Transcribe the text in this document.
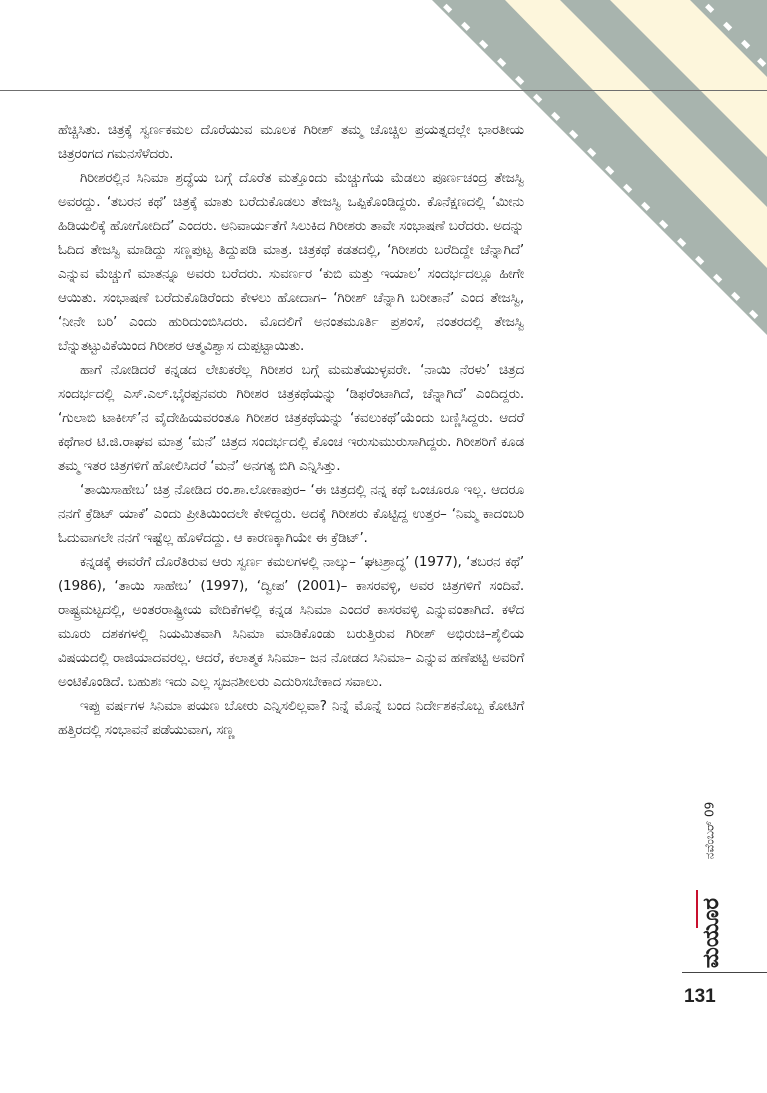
ಹೆಚ್ಚಿಸಿತು. ಚಿತ್ರಕ್ಕೆ ಸ್ವರ್ಣಕಮಲ ದೊರೆಯುವ ಮೂಲಕ ಗಿರೀಶ್ ತಮ್ಮ ಚೊಚ್ಚಿಲ ಪ್ರಯತ್ನದಲ್ಲೇ ಭಾರತೀಯ ಚಿತ್ರರಂಗದ ಗಮನಸೆಳೆದರು.

ಗಿರೀಶರಲ್ಲಿನ ಸಿನಿಮಾ ಶ್ರದ್ಧೆಯ ಬಗ್ಗೆ ದೊರೆತ ಮತ್ತೊಂದು ಮೆಚ್ಚುಗೆಯ ಮೆಡಲು ಪೂರ್ಣಚಂದ್ರ ತೇಜಸ್ವಿ ಅವರದ್ದು. ‘ತಬರನ ಕಥೆ’ ಚಿತ್ರಕ್ಕೆ ಮಾತು ಬರೆದುಕೊಡಲು ತೇಜಸ್ವಿ ಒಪ್ಪಿಕೊಂಡಿದ್ದರು. ಕೊನೆಕ್ಷಣದಲ್ಲಿ ‘ಮೀನು ಹಿಡಿಯಲಿಕ್ಕೆ ಹೋಗೋದಿದೆ’ ಎಂದರು. ಅನಿವಾರ್ಯತೆಗೆ ಸಿಲುಕಿದ ಗಿರೀಶರು ತಾವೇ ಸಂಭಾಷಣೆ ಬರೆದರು. ಅದನ್ನು ಓದಿದ ತೇಜಸ್ವಿ ಮಾಡಿದ್ದು ಸಣ್ಣಪುಟ್ಟ ತಿದ್ದುಪಡಿ ಮಾತ್ರ. ಚಿತ್ರಕಥೆ ಕಡತದಲ್ಲಿ, ‘ಗಿರೀಶರು ಬರೆದಿದ್ದೇ ಚೆನ್ನಾಗಿದೆ’ ಎನ್ನುವ ಮೆಚ್ಚುಗೆ ಮಾತನ್ನೂ ಅವರು ಬರೆದರು. ಸುವರ್ಣರ ‘ಕುಬಿ ಮತ್ತು ಇಯಾಲ’ ಸಂದರ್ಭದಲ್ಲೂ ಹೀಗೇ ಆಯಿತು. ಸಂಭಾಷಣೆ ಬರೆದುಕೊಡಿರೆಂದು ಕೇಳಲು ಹೋದಾಗ– ‘ಗಿರೀಶ್ ಚೆನ್ನಾಗಿ ಬರೀತಾನೆ’ ಎಂದ ತೇಜಸ್ವಿ, ‘ನೀನೇ ಬರಿ’ ಎಂದು ಹುರಿದುಂಬಿಸಿದರು. ಮೊದಲಿಗೆ ಅನಂತಮೂರ್ತಿ ಪ್ರಶಂಸೆ, ನಂತರದಲ್ಲಿ ತೇಜಸ್ವಿ ಬೆನ್ನುತಟ್ಟುವಿಕೆಯಿಂದ ಗಿರೀಶರ ಆತ್ಮವಿಶ್ವಾಸ ದುಪ್ಪಟ್ಟಾಯಿತು.

ಹಾಗೆ ನೋಡಿದರೆ ಕನ್ನಡದ ಲೇಖಕರೆಲ್ಲ ಗಿರೀಶರ ಬಗ್ಗೆ ಮಮತೆಯುಳ್ಳವರೇ. ‘ನಾಯಿ ನೆರಳು’ ಚಿತ್ರದ ಸಂದರ್ಭದಲ್ಲಿ ಎಸ್.ಎಲ್.ಭೈರಪ್ಪನವರು ಗಿರೀಶರ ಚಿತ್ರಕಥೆಯನ್ನು ‘ಡಿಫರೆಂಟಾಗಿದೆ, ಚೆನ್ನಾಗಿದೆ’ ಎಂದಿದ್ದರು. ‘ಗುಲಾಬಿ ಟಾಕೀಸ್’ನ ವೈದೇಹಿಯವರಂತೂ ಗಿರೀಶರ ಚಿತ್ರಕಥೆಯನ್ನು ‘ಕವಲುಕಥೆ’ಯೆಂದು ಬಣ್ಣಿಸಿದ್ದರು. ಆದರೆ ಕಥೆಗಾರ ಟಿ.ಜಿ.ರಾಘವ ಮಾತ್ರ ‘ಮನೆ’ ಚಿತ್ರದ ಸಂದರ್ಭದಲ್ಲಿ ಕೊಂಚ ಇರುಸುಮುರುಸಾಗಿದ್ದರು. ಗಿರೀಶರಿಗೆ ಕೂಡ ತಮ್ಮ ಇತರ ಚಿತ್ರಗಳಿಗೆ ಹೋಲಿಸಿದರೆ ‘ಮನೆ’ ಅನಗತ್ಯ ಬಿಗಿ ಎನ್ನಿಸಿತ್ತು.

‘ತಾಯಿಸಾಹೇಬ’ ಚಿತ್ರ ನೋಡಿದ ರಂ.ಶಾ.ಲೋಕಾಪುರ– ‘ಈ ಚಿತ್ರದಲ್ಲಿ ನನ್ನ ಕಥೆ ಒಂಚೂರೂ ಇಲ್ಲ. ಆದರೂ ನನಗೆ ಕ್ರೆಡಿಟ್ ಯಾಕೆ’ ಎಂದು ಪ್ರೀತಿಯಿಂದಲೇ ಕೇಳಿದ್ದರು. ಅದಕ್ಕೆ ಗಿರೀಶರು ಕೊಟ್ಟಿದ್ದ ಉತ್ತರ– ‘ನಿಮ್ಮ ಕಾದಂಬರಿ ಓದುವಾಗಲೇ ನನಗೆ ಇಷ್ಟೆಲ್ಲ ಹೊಳೆದದ್ದು. ಆ ಕಾರಣಕ್ಕಾಗಿಯೇ ಈ ಕ್ರೆಡಿಟ್’.

ಕನ್ನಡಕ್ಕೆ ಈವರೆಗೆ ದೊರೆತಿರುವ ಆರು ಸ್ವರ್ಣ ಕಮಲಗಳಲ್ಲಿ ನಾಲ್ಕು– ‘ಘಟಶ್ರಾದ್ಧ’ (1977), ‘ತಬರನ ಕಥೆ’ (1986), ‘ತಾಯಿ ಸಾಹೇಬ’ (1997), ‘ದ್ವೀಪ’ (2001)– ಕಾಸರವಳ್ಳಿ, ಅವರ ಚಿತ್ರಗಳಿಗೆ ಸಂದಿವೆ. ರಾಷ್ಟ್ರಮಟ್ಟದಲ್ಲಿ, ಅಂತರರಾಷ್ಟ್ರೀಯ ವೇದಿಕೆಗಳಲ್ಲಿ ಕನ್ನಡ ಸಿನಿಮಾ ಎಂದರೆ ಕಾಸರವಳ್ಳಿ ಎನ್ನುವಂತಾಗಿದೆ. ಕಳೆದ ಮೂರು ದಶಕಗಳಲ್ಲಿ ನಿಯಮಿತವಾಗಿ ಸಿನಿಮಾ ಮಾಡಿಕೊಂಡು ಬರುತ್ತಿರುವ ಗಿರೀಶ್ ಅಭಿರುಚಿ–ಶೈಲಿಯ ವಿಷಯದಲ್ಲಿ ರಾಜಿಯಾದವರಲ್ಲ. ಆದರೆ, ಕಲಾತ್ಮಕ ಸಿನಿಮಾ– ಜನ ನೋಡದ ಸಿನಿಮಾ– ಎನ್ನುವ ಹಣೆಪಟ್ಟಿ ಅವರಿಗೆ ಅಂಟಿಕೊಂಡಿದೆ. ಬಹುಶಃ ಇದು ಎಲ್ಲ ಸೃಜನಶೀಲರು ಎದುರಿಸಬೇಕಾದ ಸವಾಲು.

ಇಪ್ಪು ವರ್ಷಗಳ ಸಿನಿಮಾ ಪಯಣ ಬೋರು ಎನ್ನಿಸಲಿಲ್ಲವಾ? ನಿನ್ನೆ ಮೊನ್ನೆ ಬಂದ ನಿರ್ದೇಶಕನೊಬ್ಬ ಕೋಟಿಗೆ ಹತ್ತಿರದಲ್ಲಿ ಸಂಭಾವನೆ ಪಡೆಯುವಾಗ, ಸಣ್ಣ

ನವೆಂಬರ್ 09
ಮಯೂರ
131
